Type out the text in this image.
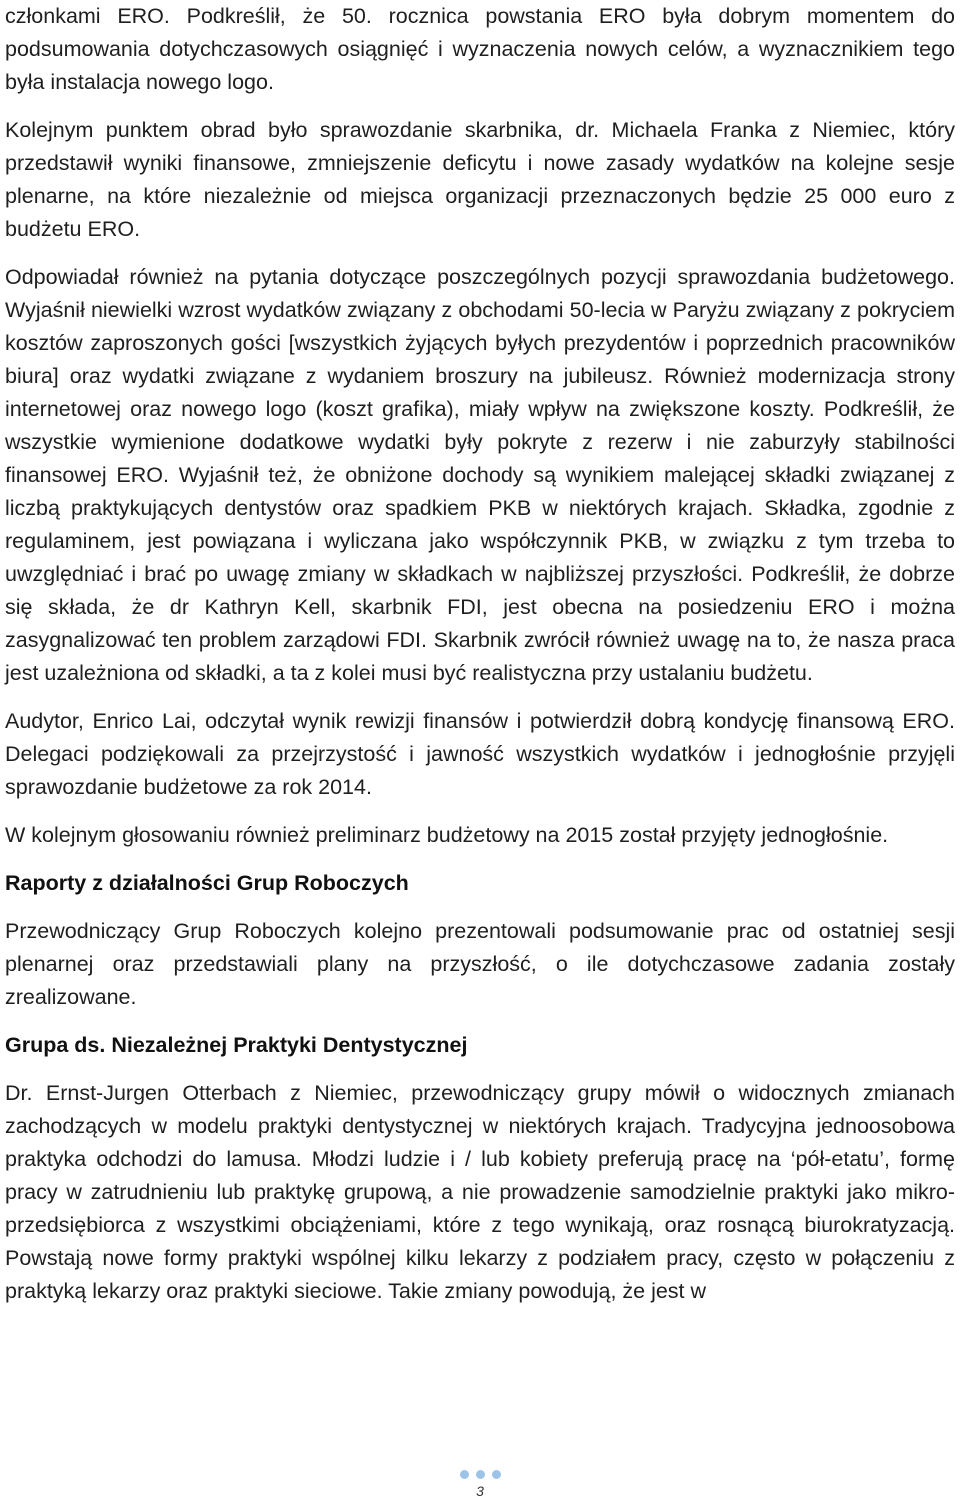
członkami ERO. Podkreślił, że 50. rocznica powstania ERO była dobrym momentem do podsumowania dotychczasowych osiągnięć i wyznaczenia nowych celów, a wyznacznikiem tego była instalacja nowego logo.

Kolejnym punktem obrad było sprawozdanie skarbnika, dr. Michaela Franka z Niemiec, który przedstawił wyniki finansowe, zmniejszenie deficytu i nowe zasady wydatków na kolejne sesje plenarne, na które niezależnie od miejsca organizacji przeznaczonych będzie 25 000 euro z budżetu ERO.

Odpowiadał również na pytania dotyczące poszczególnych pozycji sprawozdania budżetowego. Wyjaśnił niewielki wzrost wydatków związany z obchodami 50-lecia w Paryżu związany z pokryciem kosztów zaproszonych gości [wszystkich żyjących byłych prezydentów i poprzednich pracowników biura] oraz wydatki związane z wydaniem broszury na jubileusz. Również modernizacja strony internetowej oraz nowego logo (koszt grafika), miały wpływ na zwiększone koszty. Podkreślił, że wszystkie wymienione dodatkowe wydatki były pokryte z rezerw i nie zaburzyły stabilności finansowej ERO. Wyjaśnił też, że obniżone dochody są wynikiem malejącej składki związanej z liczbą praktykujących dentystów oraz spadkiem PKB w niektórych krajach. Składka, zgodnie z regulaminem, jest powiązana i wyliczana jako współczynnik PKB, w związku z tym trzeba to uwzględniać i brać po uwagę zmiany w składkach w najbliższej przyszłości. Podkreślił, że dobrze się składa, że dr Kathryn Kell, skarbnik FDI, jest obecna na posiedzeniu ERO i można zasygnalizować ten problem zarządowi FDI. Skarbnik zwrócił również uwagę na to, że nasza praca jest uzależniona od składki, a ta z kolei musi być realistyczna przy ustalaniu budżetu.

Audytor, Enrico Lai, odczytał wynik rewizji finansów i potwierdził dobrą kondycję finansową ERO. Delegaci podziękowali za przejrzystość i jawność wszystkich wydatków i jednogłośnie przyjęli sprawozdanie budżetowe za rok 2014.

W kolejnym głosowaniu również preliminarz budżetowy na 2015 został przyjęty jednogłośnie.

Raporty z działalności Grup Roboczych

Przewodniczący Grup Roboczych kolejno prezentowali podsumowanie prac od ostatniej sesji plenarnej oraz przedstawiali plany na przyszłość, o ile dotychczasowe zadania zostały zrealizowane.

Grupa ds. Niezależnej Praktyki Dentystycznej

Dr. Ernst-Jurgen Otterbach z Niemiec, przewodniczący grupy mówił o widocznych zmianach zachodzących w modelu praktyki dentystycznej w niektórych krajach. Tradycyjna jednoosobowa praktyka odchodzi do lamusa. Młodzi ludzie i / lub kobiety preferują pracę na ‘pół-etatu’, formę pracy w zatrudnieniu lub praktykę grupową, a nie prowadzenie samodzielnie praktyki jako mikro-przedsiębiorca z wszystkimi obciążeniami, które z tego wynikają, oraz rosnącą biurokratyzacją. Powstają nowe formy praktyki wspólnej kilku lekarzy z podziałem pracy, często w połączeniu z praktyką lekarzy oraz praktyki sieciowe. Takie zmiany powodują, że jest w

3
